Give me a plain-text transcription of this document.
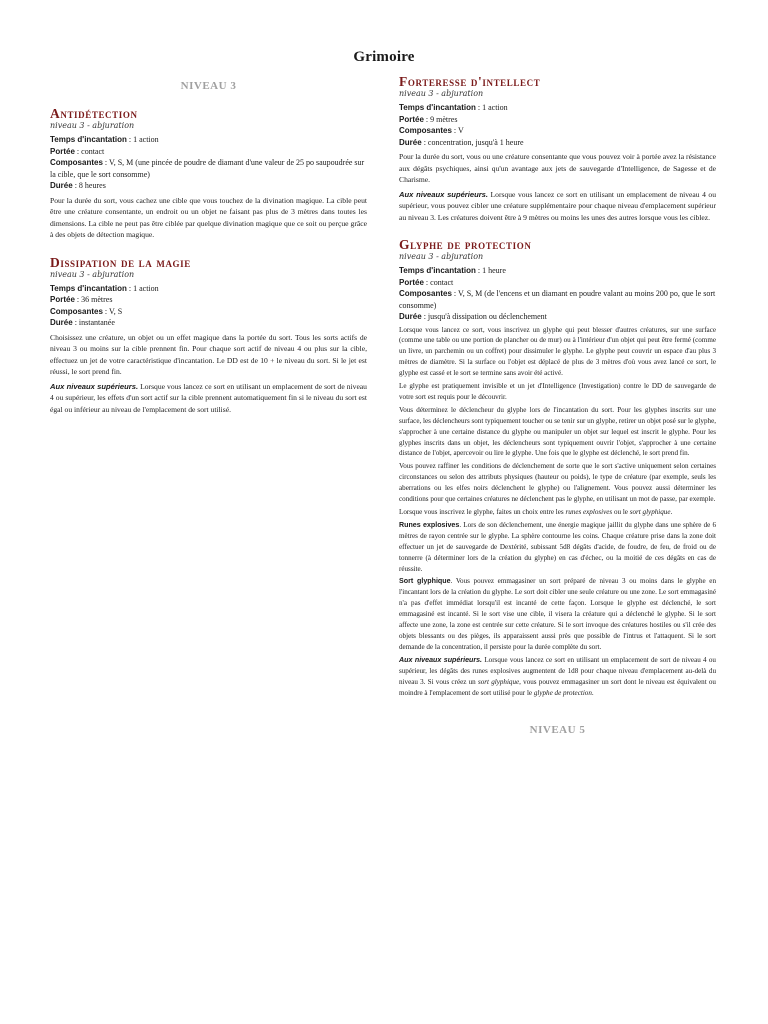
Grimoire
NIVEAU 3
Antidétection

niveau 3 - abjuration

Temps d'incantation : 1 action

Portée : contact

Composantes : V, S, M (une pincée de poudre de diamant d'une valeur de 25 po saupoudrée sur la cible, que le sort consomme)

Durée : 8 heures

Pour la durée du sort, vous cachez une cible que vous touchez de la divination magique. La cible peut être une créature consentante, un endroit ou un objet ne faisant pas plus de 3 mètres dans toutes les dimensions. La cible ne peut pas être ciblée par quelque divination magique que ce soit ou perçue grâce à des objets de détection magique.

Dissipation de la magie

niveau 3 - abjuration

Temps d'incantation : 1 action

Portée : 36 mètres

Composantes : V, S

Durée : instantanée

Choisissez une créature, un objet ou un effet magique dans la portée du sort. Tous les sorts actifs de niveau 3 ou moins sur la cible prennent fin. Pour chaque sort actif de niveau 4 ou plus sur la cible, effectuez un jet de votre caractéristique d'incantation. Le DD est de 10 + le niveau du sort. Si le jet est réussi, le sort prend fin.

Aux niveaux supérieurs. Lorsque vous lancez ce sort en utilisant un emplacement de sort de niveau 4 ou supérieur, les effets d'un sort actif sur la cible prennent automatiquement fin si le niveau du sort est égal ou inférieur au niveau de l'emplacement de sort utilisé.

Forteresse d'intellect

niveau 3 - abjuration

Temps d'incantation : 1 action

Portée : 9 mètres

Composantes : V

Durée : concentration, jusqu'à 1 heure

Pour la durée du sort, vous ou une créature consentante que vous pouvez voir à portée avez la résistance aux dégâts psychiques, ainsi qu'un avantage aux jets de sauvegarde d'Intelligence, de Sagesse et de Charisme.

Aux niveaux supérieurs. Lorsque vous lancez ce sort en utilisant un emplacement de niveau 4 ou supérieur, vous pouvez cibler une créature supplémentaire pour chaque niveau d'emplacement supérieur au niveau 3. Les créatures doivent être à 9 mètres ou moins les unes des autres lorsque vous les ciblez.

Glyphe de protection

niveau 3 - abjuration

Temps d'incantation : 1 heure

Portée : contact

Composantes : V, S, M (de l'encens et un diamant en poudre valant au moins 200 po, que le sort consomme)

Durée : jusqu'à dissipation ou déclenchement

Lorsque vous lancez ce sort, vous inscrivez un glyphe qui peut blesser d'autres créatures, sur une surface (comme une table ou une portion de plancher ou de mur) ou à l'intérieur d'un objet qui peut être fermé (comme un livre, un parchemin ou un coffret) pour dissimuler le glyphe. Le glyphe peut couvrir un espace d'au plus 3 mètres de diamètre. Si la surface ou l'objet est déplacé de plus de 3 mètres d'où vous avez lancé ce sort, le glyphe est cassé et le sort se termine sans avoir été activé.

Le glyphe est pratiquement invisible et un jet d'Intelligence (Investigation) contre le DD de sauvegarde de votre sort est requis pour le découvrir.

Vous déterminez le déclencheur du glyphe lors de l'incantation du sort. Pour les glyphes inscrits sur une surface, les déclencheurs sont typiquement toucher ou se tenir sur un glyphe, retirer un objet posé sur le glyphe, s'approcher à une certaine distance du glyphe ou manipuler un objet sur lequel est inscrit le glyphe. Pour les glyphes inscrits dans un objet, les déclencheurs sont typiquement ouvrir l'objet, s'approcher à une certaine distance de l'objet, apercevoir ou lire le glyphe. Une fois que le glyphe est déclenché, le sort prend fin.

Vous pouvez raffiner les conditions de déclenchement de sorte que le sort s'active uniquement selon certaines circonstances ou selon des attributs physiques (hauteur ou poids), le type de créature (par exemple, seuls les aberrations ou les elfes noirs déclenchent le glyphe) ou l'alignement. Vous pouvez aussi déterminer les conditions pour que certaines créatures ne déclenchent pas le glyphe, en utilisant un mot de passe, par exemple.

Lorsque vous inscrivez le glyphe, faites un choix entre les runes explosives ou le sort glyphique.

Runes explosives. Lors de son déclenchement, une énergie magique jaillit du glyphe dans une sphère de 6 mètres de rayon centrée sur le glyphe. La sphère contourne les coins. Chaque créature prise dans la zone doit effectuer un jet de sauvegarde de Dextérité, subissant 5d8 dégâts d'acide, de foudre, de feu, de froid ou de tonnerre (à déterminer lors de la création du glyphe) en cas d'échec, ou la moitié de ces dégâts en cas de réussite.

Sort glyphique. Vous pouvez emmagasiner un sort préparé de niveau 3 ou moins dans le glyphe en l'incantant lors de la création du glyphe. Le sort doit cibler une seule créature ou une zone. Le sort emmagasiné n'a pas d'effet immédiat lorsqu'il est incanté de cette façon. Lorsque le glyphe est déclenché, le sort emmagasiné est incanté. Si le sort vise une cible, il visera la créature qui a déclenché le glyphe. Si le sort affecte une zone, la zone est centrée sur cette créature. Si le sort invoque des créatures hostiles ou s'il crée des objets blessants ou des pièges, ils apparaissent aussi près que possible de l'intrus et l'attaquent. Si le sort demande de la concentration, il persiste pour la durée complète du sort.

Aux niveaux supérieurs. Lorsque vous lancez ce sort en utilisant un emplacement de sort de niveau 4 ou supérieur, les dégâts des runes explosives augmentent de 1d8 pour chaque niveau d'emplacement au-delà du niveau 3. Si vous créez un sort glyphique, vous pouvez emmagasiner un sort dont le niveau est équivalent ou moindre à l'emplacement de sort utilisé pour le glyphe de protection.

NIVEAU 5
